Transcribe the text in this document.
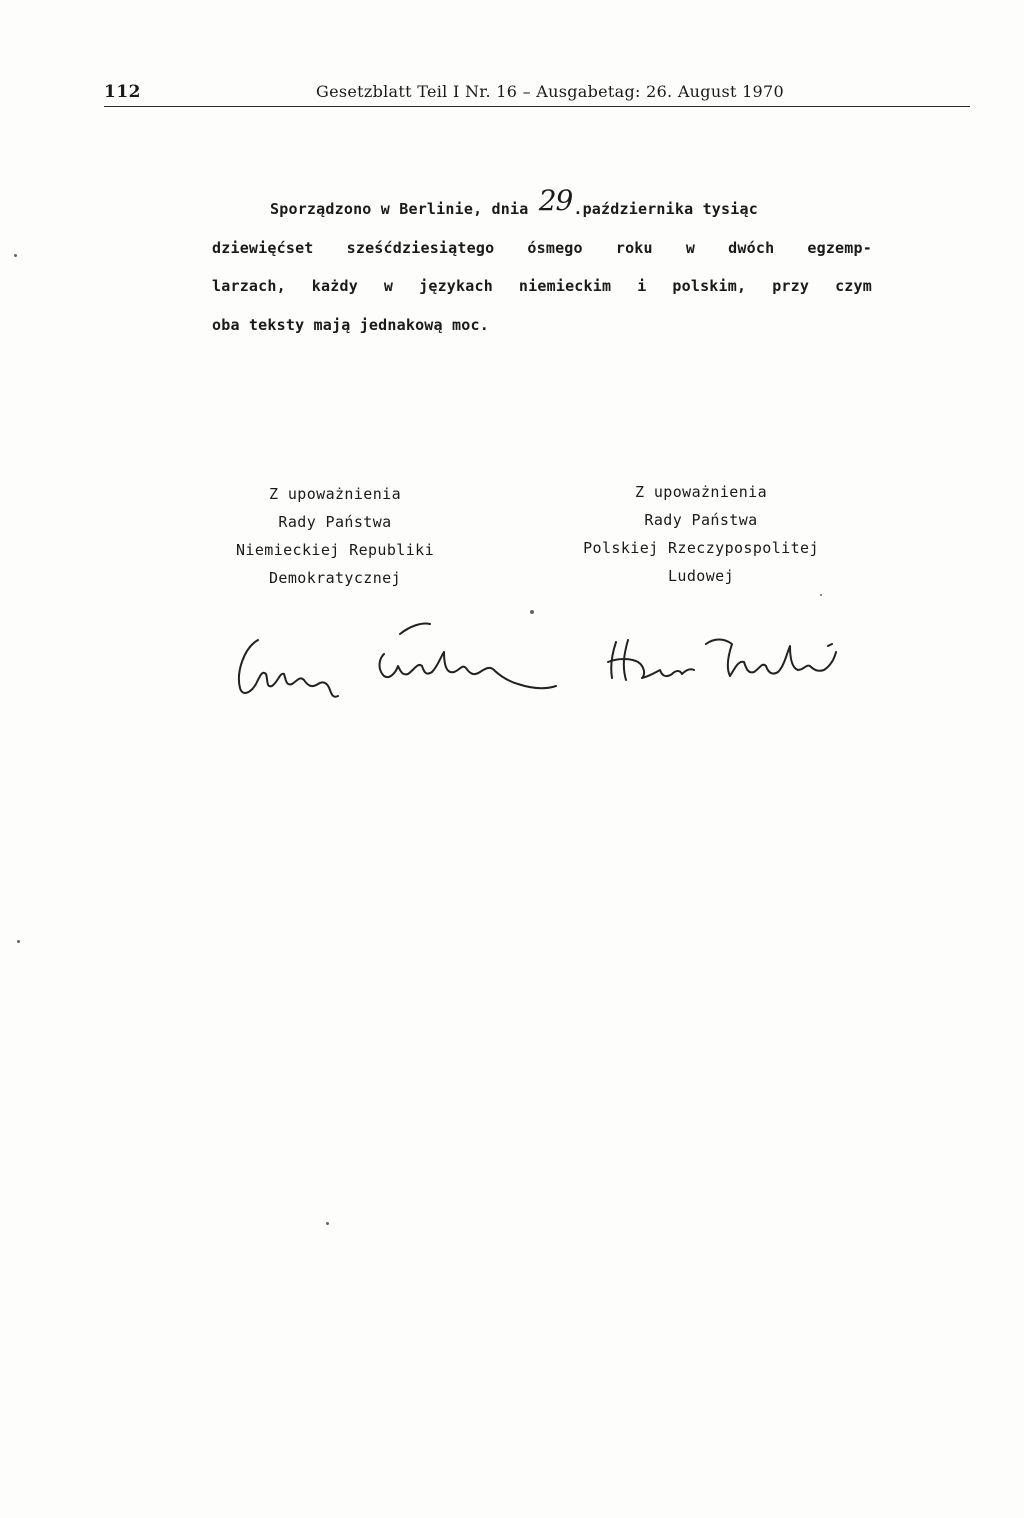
112	Gesetzblatt Teil I Nr. 16 – Ausgabetag: 26. August 1970
Sporządzono w Berlinie, dnia 29.października tysiąc
dziewięćset sześćdziesiątego ósmego roku w dwóch egzemp-
larzach, każdy w językach niemieckim i polskim, przy czym
oba teksty mają jednakową moc.
Z upoważnienia
Rady Państwa
Niemieckiej Republiki
Demokratycznej
Z upoważnienia
Rady Państwa
Polskiej Rzeczypospolitej
Ludowej
